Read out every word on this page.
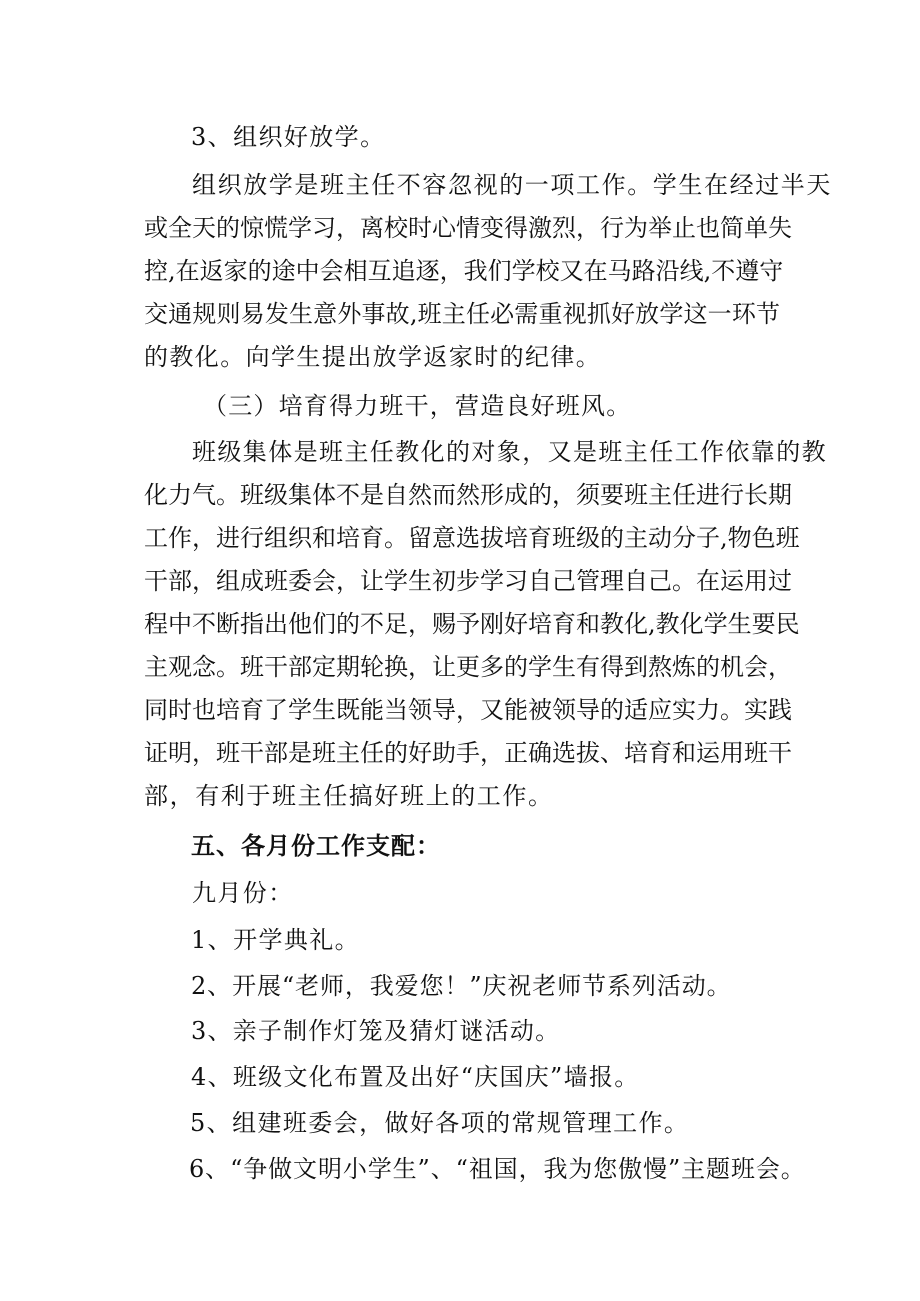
3、组织好放学。
组织放学是班主任不容忽视的一项工作。学生在经过半天
或全天的惊慌学习，离校时心情变得激烈，行为举止也简单失
控,在返家的途中会相互追逐，我们学校又在马路沿线,不遵守
交通规则易发生意外事故,班主任必需重视抓好放学这一环节
的教化。向学生提出放学返家时的纪律。
（三）培育得力班干，营造良好班风。
班级集体是班主任教化的对象，又是班主任工作依靠的教
化力气。班级集体不是自然而然形成的，须要班主任进行长期
工作，进行组织和培育。留意选拔培育班级的主动分子,物色班
干部，组成班委会，让学生初步学习自己管理自己。在运用过
程中不断指出他们的不足，赐予刚好培育和教化,教化学生要民
主观念。班干部定期轮换，让更多的学生有得到熬炼的机会，
同时也培育了学生既能当领导，又能被领导的适应实力。实践
证明，班干部是班主任的好助手，正确选拔、培育和运用班干
部，有利于班主任搞好班上的工作。
五、各月份工作支配：
九月份：
1、开学典礼。
2、开展“老师，我爱您！”庆祝老师节系列活动。
3、亲子制作灯笼及猜灯谜活动。
4、班级文化布置及出好“庆国庆”墙报。
5、组建班委会，做好各项的常规管理工作。
6、“争做文明小学生”、“祖国，我为您傲慢”主题班会。
